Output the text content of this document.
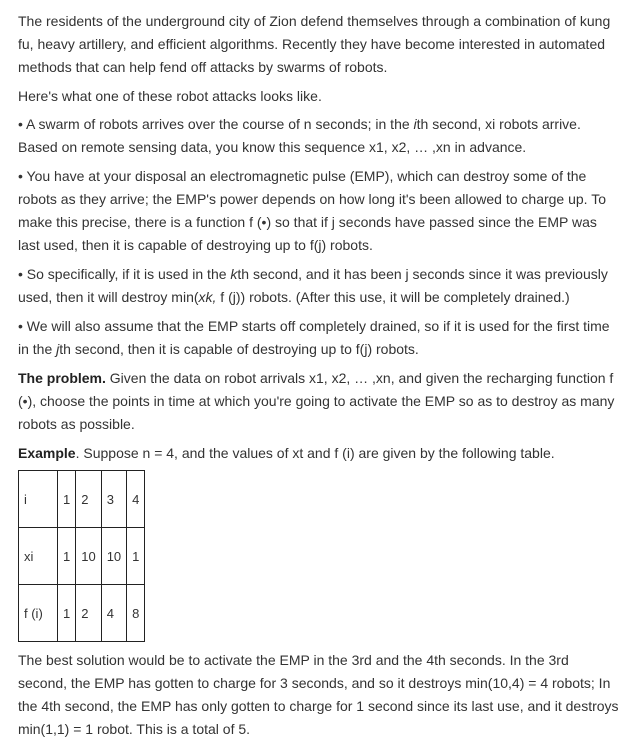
The residents of the underground city of Zion defend themselves through a combination of kung fu, heavy artillery, and efficient algorithms. Recently they have become interested in automated methods that can help fend off attacks by swarms of robots.

Here's what one of these robot attacks looks like.

• A swarm of robots arrives over the course of n seconds; in the ith second, xi robots arrive. Based on remote sensing data, you know this sequence x1, x2, … ,xn in advance.

• You have at your disposal an electromagnetic pulse (EMP), which can destroy some of the robots as they arrive; the EMP's power depends on how long it's been allowed to charge up. To make this precise, there is a function f (•) so that if j seconds have passed since the EMP was last used, then it is capable of destroying up to f(j) robots.

• So specifically, if it is used in the kth second, and it has been j seconds since it was previously used, then it will destroy min(xk, f (j)) robots. (After this use, it will be completely drained.)

• We will also assume that the EMP starts off completely drained, so if it is used for the first time in the jth second, then it is capable of destroying up to f(j) robots.

The problem. Given the data on robot arrivals x1, x2, … ,xn, and given the recharging function f (•), choose the points in time at which you're going to activate the EMP so as to destroy as many robots as possible.

Example. Suppose n = 4, and the values of xt and f (i) are given by the following table.

i	1	2	3	4
xi	1	10	10	1
f (i)	1	2	4	8

The best solution would be to activate the EMP in the 3rd and the 4th seconds. In the 3rd second, the EMP has gotten to charge for 3 seconds, and so it destroys min(10,4) = 4 robots; In the 4th second, the EMP has only gotten to charge for 1 second since its last use, and it destroys min(1,1) = 1 robot. This is a total of 5.
